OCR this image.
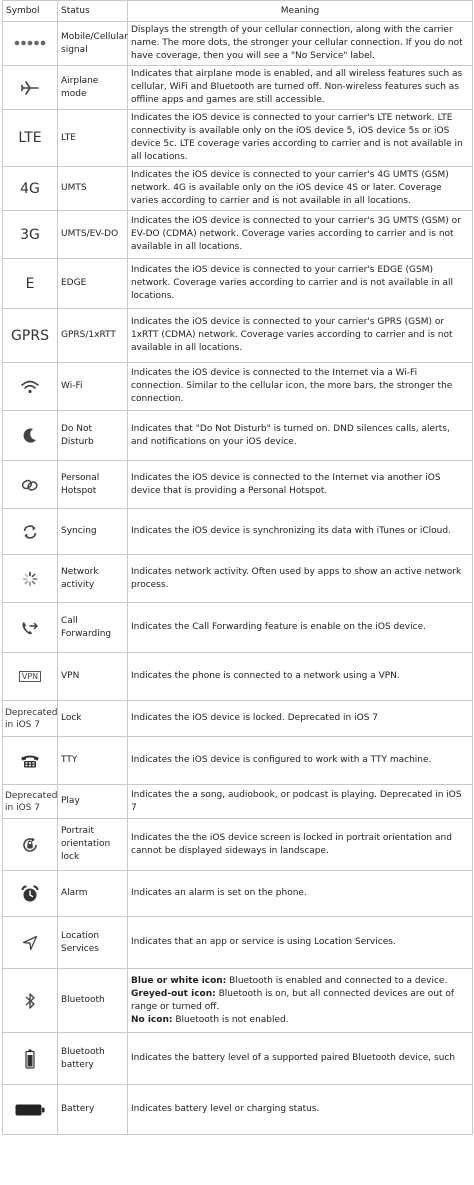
Symbol	Status	Meaning
	Mobile/Cellular signal	Displays the strength of your cellular connection, along with the carrier name. The more dots, the stronger your cellular connection. If you do not have coverage, then you will see a "No Service" label.
	Airplane mode	Indicates that airplane mode is enabled, and all wireless features such as cellular, WiFi and Bluetooth are turned off. Non-wireless features such as offline apps and games are still accessible.
LTE	LTE	Indicates the iOS device is connected to your carrier's LTE network. LTE connectivity is available only on the iOS device 5, iOS device 5s or iOS device 5c. LTE coverage varies according to carrier and is not available in all locations.
4G	UMTS	Indicates the iOS device is connected to your carrier's 4G UMTS (GSM) network. 4G is available only on the iOS device 4S or later. Coverage varies according to carrier and is not available in all locations.
3G	UMTS/EV-DO	Indicates the iOS device is connected to your carrier's 3G UMTS (GSM) or EV-DO (CDMA) network. Coverage varies according to carrier and is not available in all locations.
E	EDGE	Indicates the iOS device is connected to your carrier's EDGE (GSM) network. Coverage varies according to carrier and is not available in all locations.
GPRS	GPRS/1xRTT	Indicates the iOS device is connected to your carrier's GPRS (GSM) or 1xRTT (CDMA) network. Coverage varies according to carrier and is not available in all locations.
	Wi-Fi	Indicates the iOS device is connected to the Internet via a Wi-Fi connection. Similar to the cellular icon, the more bars, the stronger the connection.
	Do Not Disturb	Indicates that "Do Not Disturb" is turned on. DND silences calls, alerts, and notifications on your iOS device.
	Personal Hotspot	Indicates the iOS device is connected to the Internet via another iOS device that is providing a Personal Hotspot.
	Syncing	Indicates the iOS device is synchronizing its data with iTunes or iCloud.
	Network activity	Indicates network activity. Often used by apps to show an active network process.
	Call Forwarding	Indicates the Call Forwarding feature is enable on the iOS device.
VPN	VPN	Indicates the phone is connected to a network using a VPN.
Deprecated in iOS 7	Lock	Indicates the iOS device is locked. Deprecated in iOS 7
	TTY	Indicates the iOS device is configured to work with a TTY machine.
Deprecated in iOS 7	Play	Indicates the a song, audiobook, or podcast is playing. Deprecated in iOS 7
	Portrait orientation lock	Indicates the the iOS device screen is locked in portrait orientation and cannot be displayed sideways in landscape.
	Alarm	Indicates an alarm is set on the phone.
	Location Services	Indicates that an app or service is using Location Services.
	Bluetooth	Blue or white icon: Bluetooth is enabled and connected to a device.
Greyed-out icon: Bluetooth is on, but all connected devices are out of range or turned off.
No icon: Bluetooth is not enabled.

	Bluetooth battery	Indicates the battery level of a supported paired Bluetooth device, such
	Battery	Indicates battery level or charging status.
